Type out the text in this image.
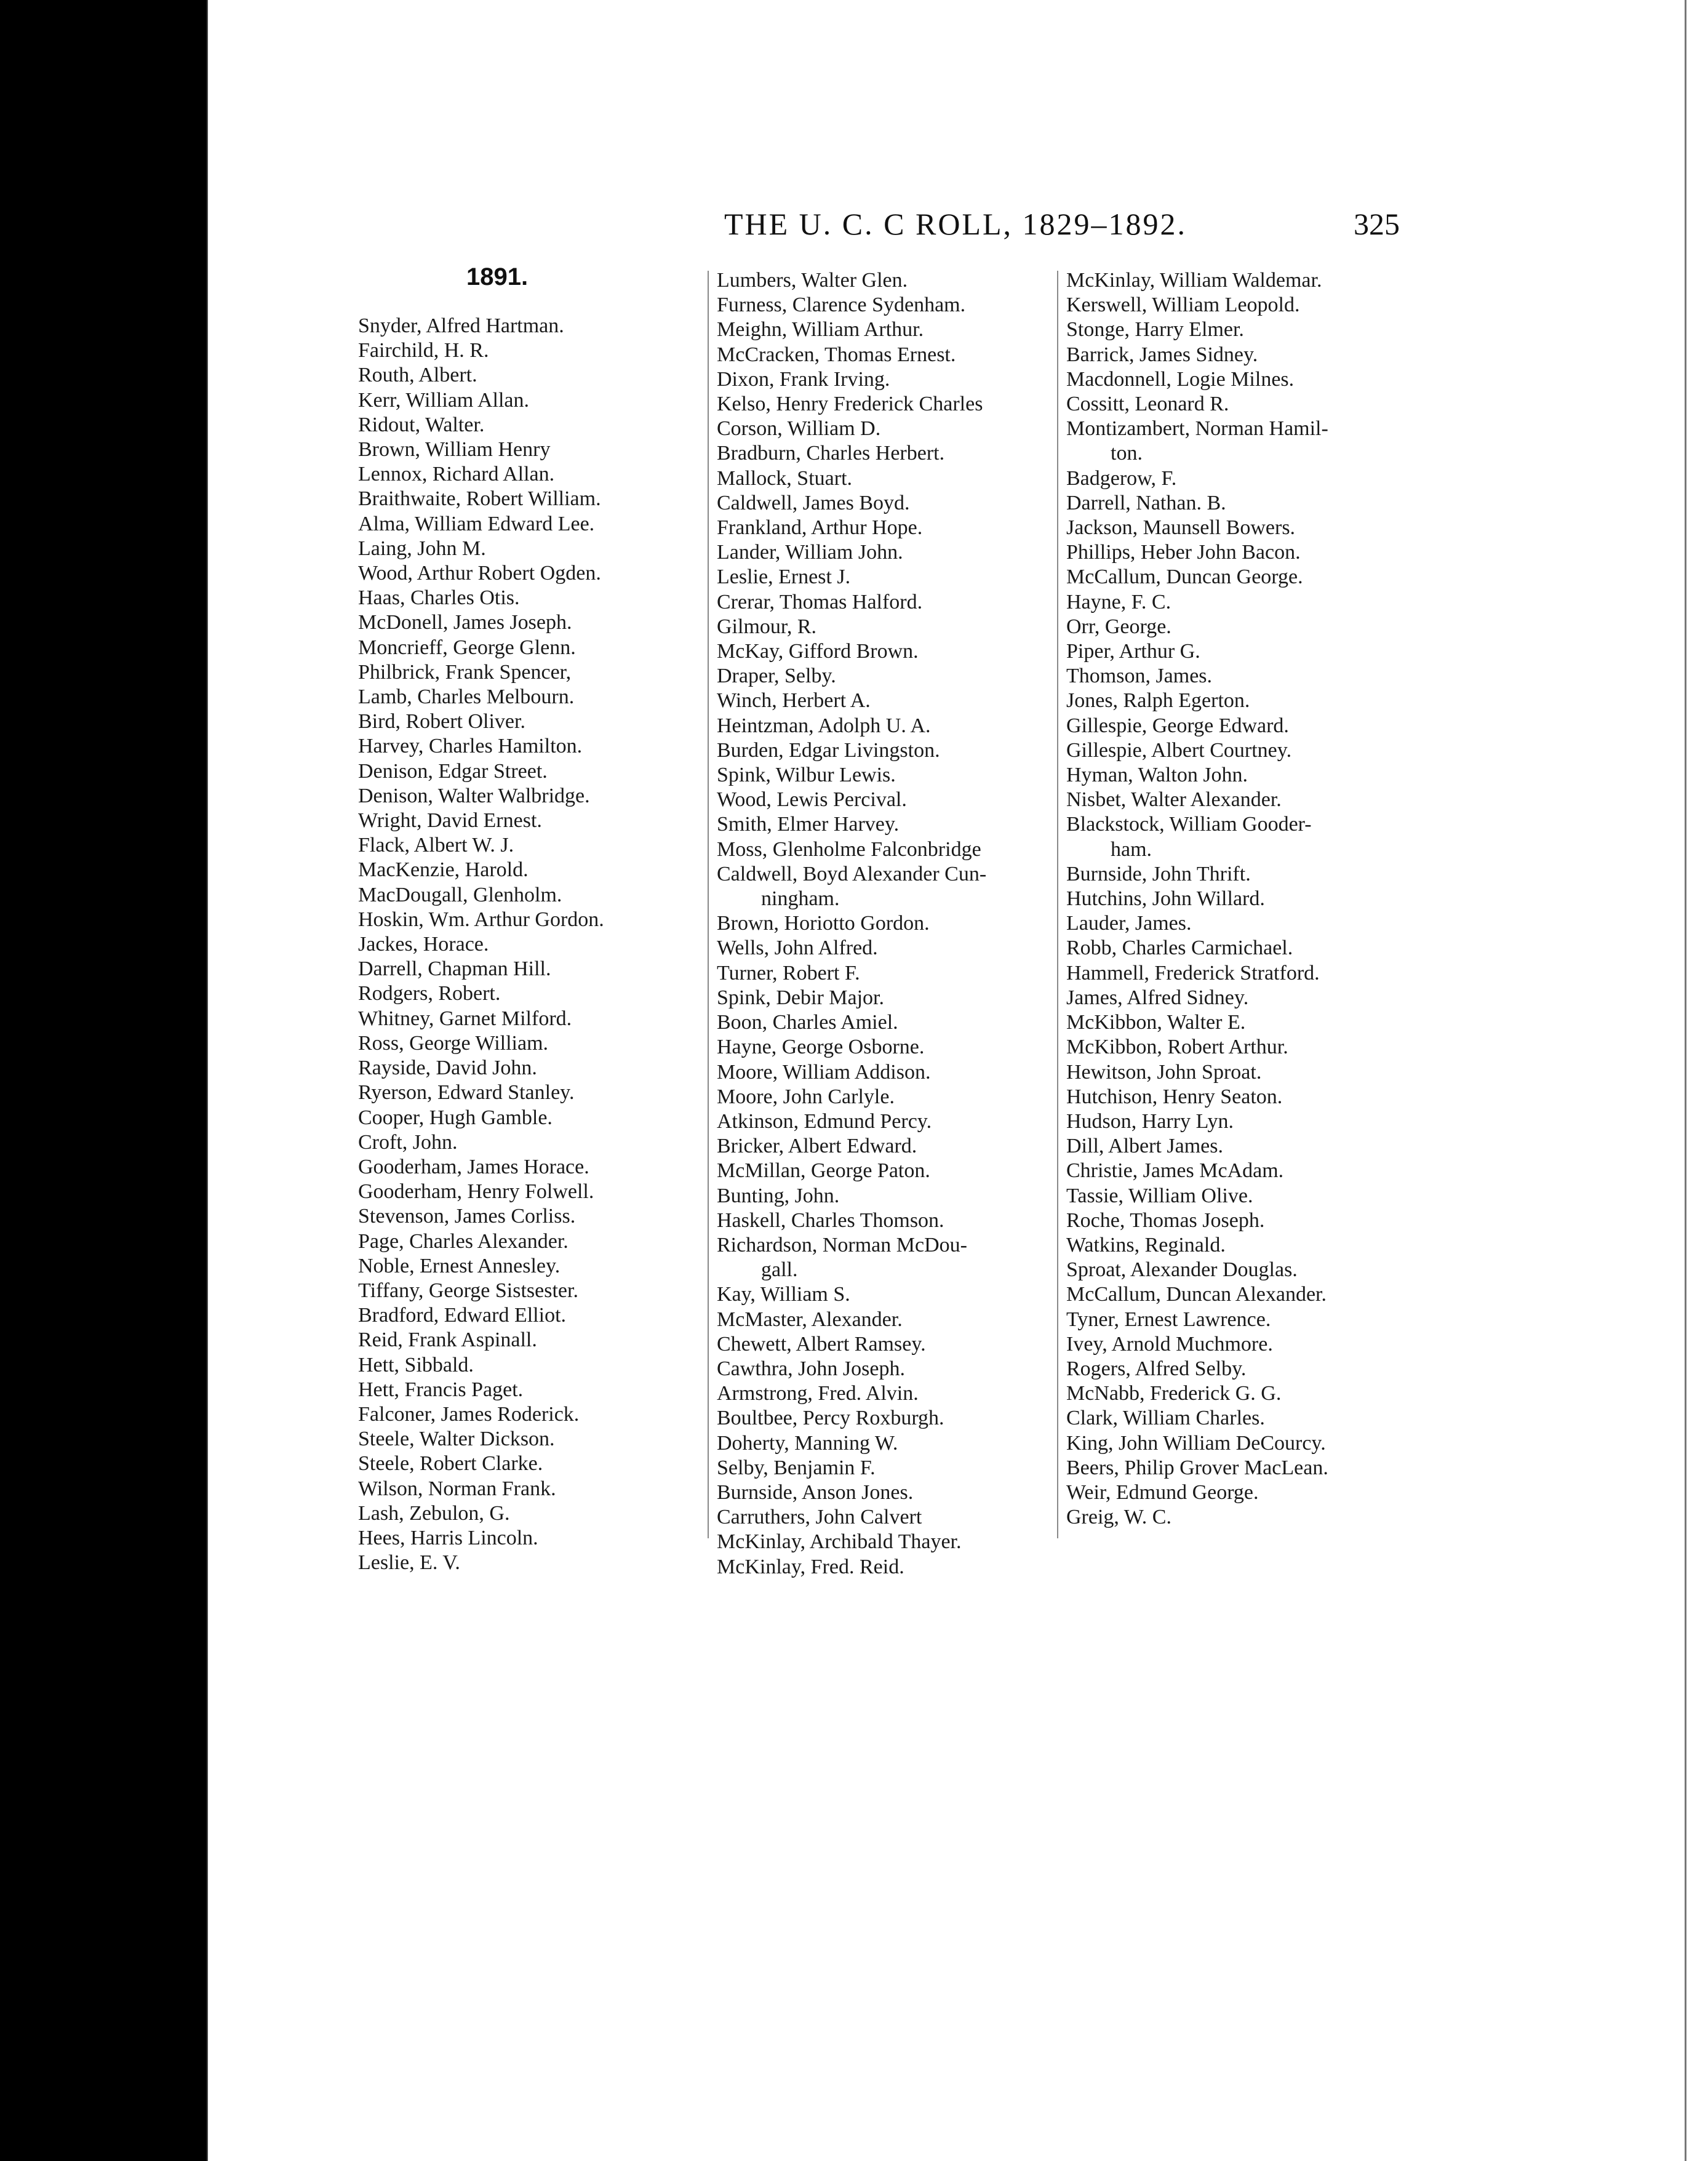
THE U. C. C ROLL, 1829–1892.	325
1891.
Snyder, Alfred Hartman.
Fairchild, H. R.
Routh, Albert.
Kerr, William Allan.
Ridout, Walter.
Brown, William Henry
Lennox, Richard Allan.
Braithwaite, Robert William.
Alma, William Edward Lee.
Laing, John M.
Wood, Arthur Robert Ogden.
Haas, Charles Otis.
McDonell, James Joseph.
Moncrieff, George Glenn.
Philbrick, Frank Spencer,
Lamb, Charles Melbourn.
Bird, Robert Oliver.
Harvey, Charles Hamilton.
Denison, Edgar Street.
Denison, Walter Walbridge.
Wright, David Ernest.
Flack, Albert W. J.
MacKenzie, Harold.
MacDougall, Glenholm.
Hoskin, Wm. Arthur Gordon.
Jackes, Horace.
Darrell, Chapman Hill.
Rodgers, Robert.
Whitney, Garnet Milford.
Ross, George William.
Rayside, David John.
Ryerson, Edward Stanley.
Cooper, Hugh Gamble.
Croft, John.
Gooderham, James Horace.
Gooderham, Henry Folwell.
Stevenson, James Corliss.
Page, Charles Alexander.
Noble, Ernest Annesley.
Tiffany, George Sistsester.
Bradford, Edward Elliot.
Reid, Frank Aspinall.
Hett, Sibbald.
Hett, Francis Paget.
Falconer, James Roderick.
Steele, Walter Dickson.
Steele, Robert Clarke.
Wilson, Norman Frank.
Lash, Zebulon, G.
Hees, Harris Lincoln.
Leslie, E. V.
Lumbers, Walter Glen.
Furness, Clarence Sydenham.
Meighn, William Arthur.
McCracken, Thomas Ernest.
Dixon, Frank Irving.
Kelso, Henry Frederick Charles
Corson, William D.
Bradburn, Charles Herbert.
Mallock, Stuart.
Caldwell, James Boyd.
Frankland, Arthur Hope.
Lander, William John.
Leslie, Ernest J.
Crerar, Thomas Halford.
Gilmour, R.
McKay, Gifford Brown.
Draper, Selby.
Winch, Herbert A.
Heintzman, Adolph U. A.
Burden, Edgar Livingston.
Spink, Wilbur Lewis.
Wood, Lewis Percival.
Smith, Elmer Harvey.
Moss, Glenholme Falconbridge
Caldwell, Boyd Alexander Cun-
ningham.
Brown, Horiotto Gordon.
Wells, John Alfred.
Turner, Robert F.
Spink, Debir Major.
Boon, Charles Amiel.
Hayne, George Osborne.
Moore, William Addison.
Moore, John Carlyle.
Atkinson, Edmund Percy.
Bricker, Albert Edward.
McMillan, George Paton.
Bunting, John.
Haskell, Charles Thomson.
Richardson, Norman McDou-
gall.
Kay, William S.
McMaster, Alexander.
Chewett, Albert Ramsey.
Cawthra, John Joseph.
Armstrong, Fred. Alvin.
Boultbee, Percy Roxburgh.
Doherty, Manning W.
Selby, Benjamin F.
Burnside, Anson Jones.
Carruthers, John Calvert
McKinlay, Archibald Thayer.
McKinlay, Fred. Reid.
McKinlay, William Waldemar.
Kerswell, William Leopold.
Stonge, Harry Elmer.
Barrick, James Sidney.
Macdonnell, Logie Milnes.
Cossitt, Leonard R.
Montizambert, Norman Hamil-
ton.
Badgerow, F.
Darrell, Nathan. B.
Jackson, Maunsell Bowers.
Phillips, Heber John Bacon.
McCallum, Duncan George.
Hayne, F. C.
Orr, George.
Piper, Arthur G.
Thomson, James.
Jones, Ralph Egerton.
Gillespie, George Edward.
Gillespie, Albert Courtney.
Hyman, Walton John.
Nisbet, Walter Alexander.
Blackstock, William Gooder-
ham.
Burnside, John Thrift.
Hutchins, John Willard.
Lauder, James.
Robb, Charles Carmichael.
Hammell, Frederick Stratford.
James, Alfred Sidney.
McKibbon, Walter E.
McKibbon, Robert Arthur.
Hewitson, John Sproat.
Hutchison, Henry Seaton.
Hudson, Harry Lyn.
Dill, Albert James.
Christie, James McAdam.
Tassie, William Olive.
Roche, Thomas Joseph.
Watkins, Reginald.
Sproat, Alexander Douglas.
McCallum, Duncan Alexander.
Tyner, Ernest Lawrence.
Ivey, Arnold Muchmore.
Rogers, Alfred Selby.
McNabb, Frederick G. G.
Clark, William Charles.
King, John William DeCourcy.
Beers, Philip Grover MacLean.
Weir, Edmund George.
Greig, W. C.
